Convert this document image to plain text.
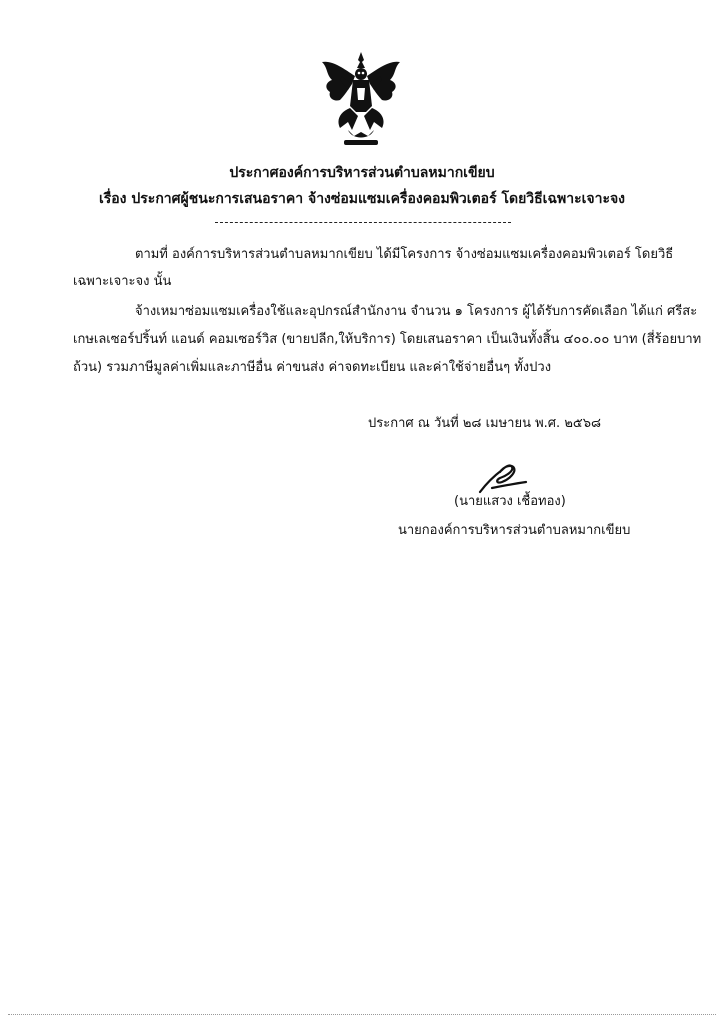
ประกาศองค์การบริหารส่วนตำบลหมากเขียบ
เรื่อง ประกาศผู้ชนะการเสนอราคา จ้างซ่อมแซมเครื่องคอมพิวเตอร์ โดยวิธีเฉพาะเจาะจง
ตามที่ องค์การบริหารส่วนตำบลหมากเขียบ ได้มีโครงการ จ้างซ่อมแซมเครื่องคอมพิวเตอร์ โดยวิธี
เฉพาะเจาะจง นั้น
จ้างเหมาซ่อมแซมเครื่องใช้และอุปกรณ์สำนักงาน จำนวน ๑ โครงการ ผู้ได้รับการคัดเลือก ได้แก่ ศรีสะ
เกษเลเซอร์ปริ้นท์ แอนด์ คอมเซอร์วิส (ขายปลีก,ให้บริการ) โดยเสนอราคา เป็นเงินทั้งสิ้น ๔๐๐.๐๐ บาท (สี่ร้อยบาท
ถ้วน) รวมภาษีมูลค่าเพิ่มและภาษีอื่น ค่าขนส่ง ค่าจดทะเบียน และค่าใช้จ่ายอื่นๆ ทั้งปวง
ประกาศ ณ วันที่ ๒๘ เมษายน พ.ศ. ๒๕๖๘
(นายแสวง เชื้อทอง)
นายกองค์การบริหารส่วนตำบลหมากเขียบ
